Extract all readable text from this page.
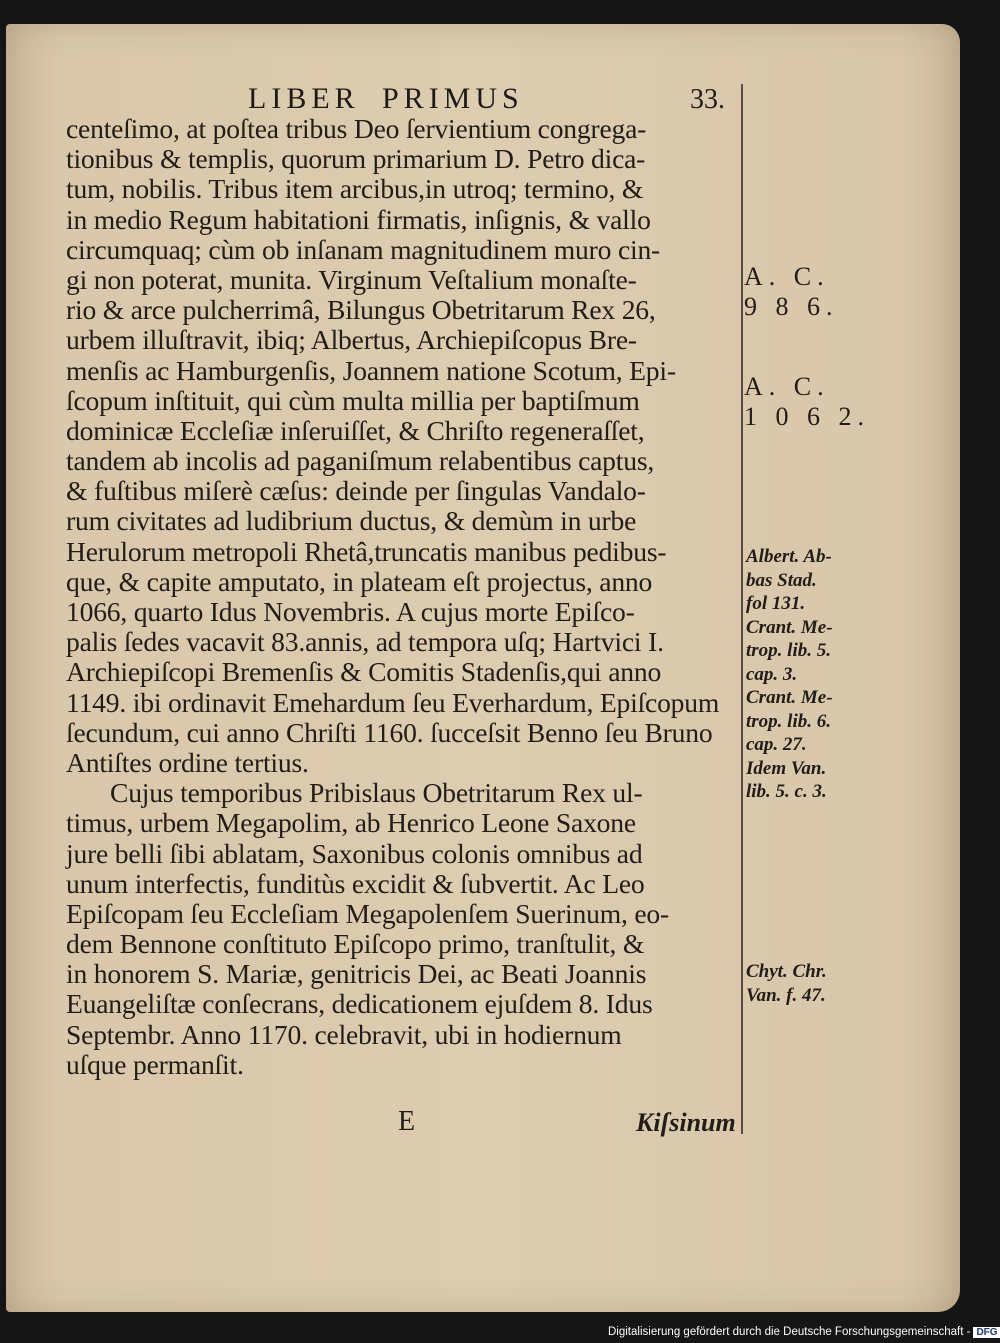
LIBER PRIMUS	33.
centeſimo, at poſtea tribus Deo ſervientium congrega-
tionibus & templis, quorum primarium D. Petro dica-
tum, nobilis. Tribus item arcibus,in utroq; termino, &
in medio Regum habitationi firmatis, inſignis, & vallo
circumquaq; cùm ob inſanam magnitudinem muro cin-
gi non poterat, munita. Virginum Veſtalium monaſte-
rio & arce pulcherrimâ, Bilungus Obetritarum Rex 26,
urbem illuſtravit, ibiq; Albertus, Archiepiſcopus Bre-
menſis ac Hamburgenſis, Joannem natione Scotum, Epi-
ſcopum inſtituit, qui cùm multa millia per baptiſmum
dominicæ Eccleſiæ inſeruiſſet, & Chriſto regeneraſſet,
tandem ab incolis ad paganiſmum relabentibus captus,
& fuſtibus miſerè cæſus: deinde per ſingulas Vandalo-
rum civitates ad ludibrium ductus, & demùm in urbe
Herulorum metropoli Rhetâ,truncatis manibus pedibus-
que, & capite amputato, in plateam eſt projectus, anno
1066, quarto Idus Novembris. A cujus morte Epiſco-
palis ſedes vacavit 83.annis, ad tempora uſq; Hartvici I.
Archiepiſcopi Bremenſis & Comitis Stadenſis,qui anno
1149. ibi ordinavit Emehardum ſeu Everhardum, Epiſcopum
ſecundum, cui anno Chriſti 1160. ſucceſsit Benno ſeu Bruno
Antiſtes ordine tertius.
Cujus temporibus Pribislaus Obetritarum Rex ul-
timus, urbem Megapolim, ab Henrico Leone Saxone
jure belli ſibi ablatam, Saxonibus colonis omnibus ad
unum interfectis, funditùs excidit & ſubvertit. Ac Leo
Epiſcopam ſeu Eccleſiam Megapolenſem Suerinum, eo-
dem Bennone conſtituto Epiſcopo primo, tranſtulit, &
in honorem S. Mariæ, genitricis Dei, ac Beati Joannis
Euangeliſtæ conſecrans, dedicationem ejuſdem 8. Idus
Septembr. Anno 1170. celebravit, ubi in hodiernum
uſque permanſit.
A. C.
9 8 6.
A. C.
1 0 6 2.
Albert. Ab-
bas Stad.
fol 131.
Crant. Me-
trop. lib. 5.
cap. 3.
Crant. Me-
trop. lib. 6.
cap. 27.
Idem Van.
lib. 5. c. 3.
Chyt. Chr.
Van. f. 47.
E	Kiſsinum
Digitalisierung gefördert durch die Deutsche Forschungsgemeinschaft - DFG
